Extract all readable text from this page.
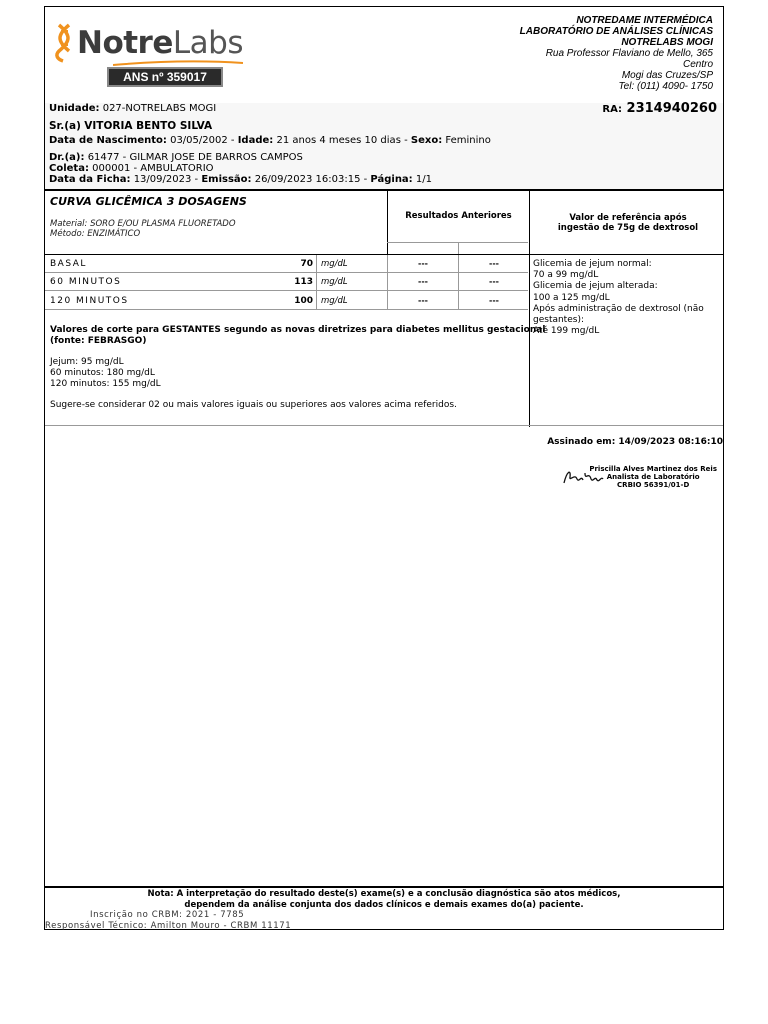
NotreLabs
ANS nº 359017
NOTREDAME INTERMÉDICA
LABORATÓRIO DE ANÁLISES CLÍNICAS
NOTRELABS MOGI
Rua Professor Flaviano de Mello, 365
Centro
Mogi das Cruzes/SP
Tel: (011) 4090- 1750
Unidade: 027-NOTRELABS MOGI	RA: 2314940260
Sr.(a) VITORIA BENTO SILVA
Data de Nascimento: 03/05/2002 - Idade: 21 anos 4 meses 10 dias - Sexo: Feminino
Dr.(a): 61477 - GILMAR JOSE DE BARROS CAMPOS
Coleta: 000001 - AMBULATORIO
Data da Ficha: 13/09/2023 - Emissão: 26/09/2023 16:03:15 - Página: 1/1
CURVA GLICÊMICA 3 DOSAGENS
Material: SORO E/OU PLASMA FLUORETADO
Método: ENZIMÁTICO
Resultados Anteriores	Valor de referência após
ingestão de 75g de dextrosol
BASAL	70 mg/dL	---	---
60 MINUTOS	113 mg/dL	---	---
120 MINUTOS	100 mg/dL	---	---
Glicemia de jejum normal:
70 a 99 mg/dL
Glicemia de jejum alterada:
100 a 125 mg/dL
Após administração de dextrosol (não gestantes):
Até 199 mg/dL
Valores de corte para GESTANTES segundo as novas diretrizes para diabetes mellitus gestacional
(fonte: FEBRASGO)
Jejum: 95 mg/dL
60 minutos: 180 mg/dL
120 minutos: 155 mg/dL
Sugere-se considerar 02 ou mais valores iguais ou superiores aos valores acima referidos.
Assinado em: 14/09/2023 08:16:10
Priscilla Alves Martinez dos Reis
Analista de Laboratório
CRBIO 56391/01-D
Nota: A interpretação do resultado deste(s) exame(s) e a conclusão diagnóstica são atos médicos,
dependem da análise conjunta dos dados clínicos e demais exames do(a) paciente.
Inscrição no CRBM: 2021 - 7785
Responsável Técnico: Amilton Mouro - CRBM 11171
